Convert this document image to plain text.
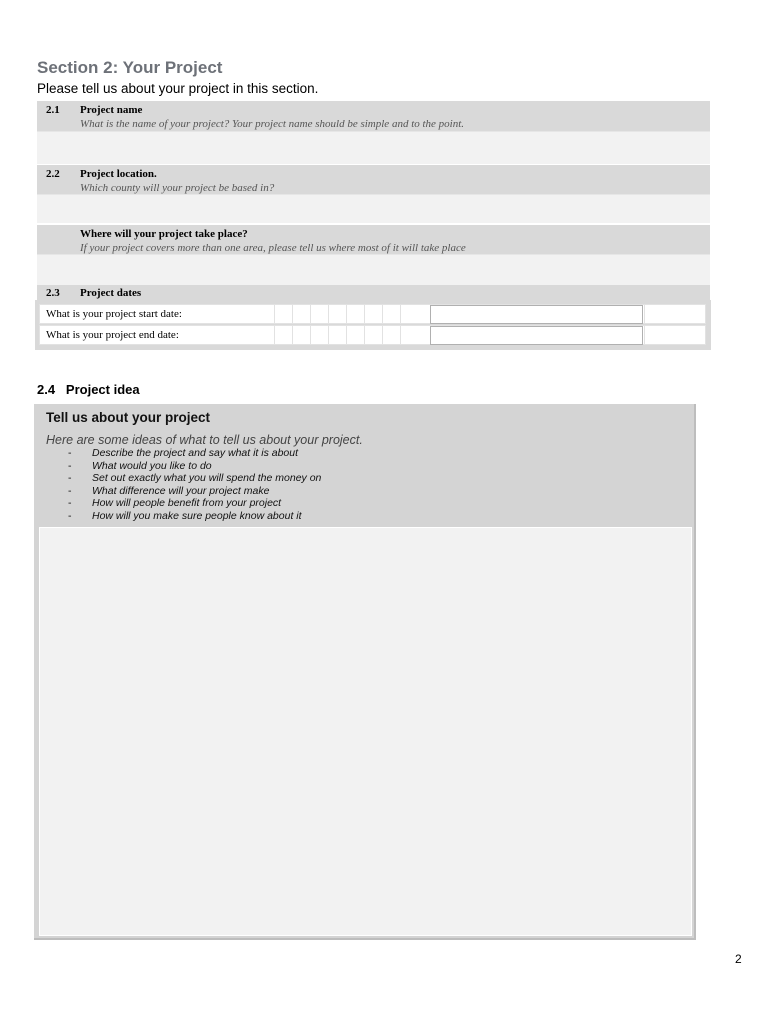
Section 2: Your Project
Please tell us about your project in this section.
2.1 Project name
What is the name of your project? Your project name should be simple and to the point.
2.2 Project location.
Which county will your project be based in?
Where will your project take place?
If your project covers more than one area, please tell us where most of it will take place
2.3 Project dates
What is your project start date:
What is your project end date:
2.4 Project idea
Tell us about your project
Here are some ideas of what to tell us about your project.
- Describe the project and say what it is about
- What would you like to do
- Set out exactly what you will spend the money on
- What difference will your project make
- How will people benefit from your project
- How will you make sure people know about it
2
